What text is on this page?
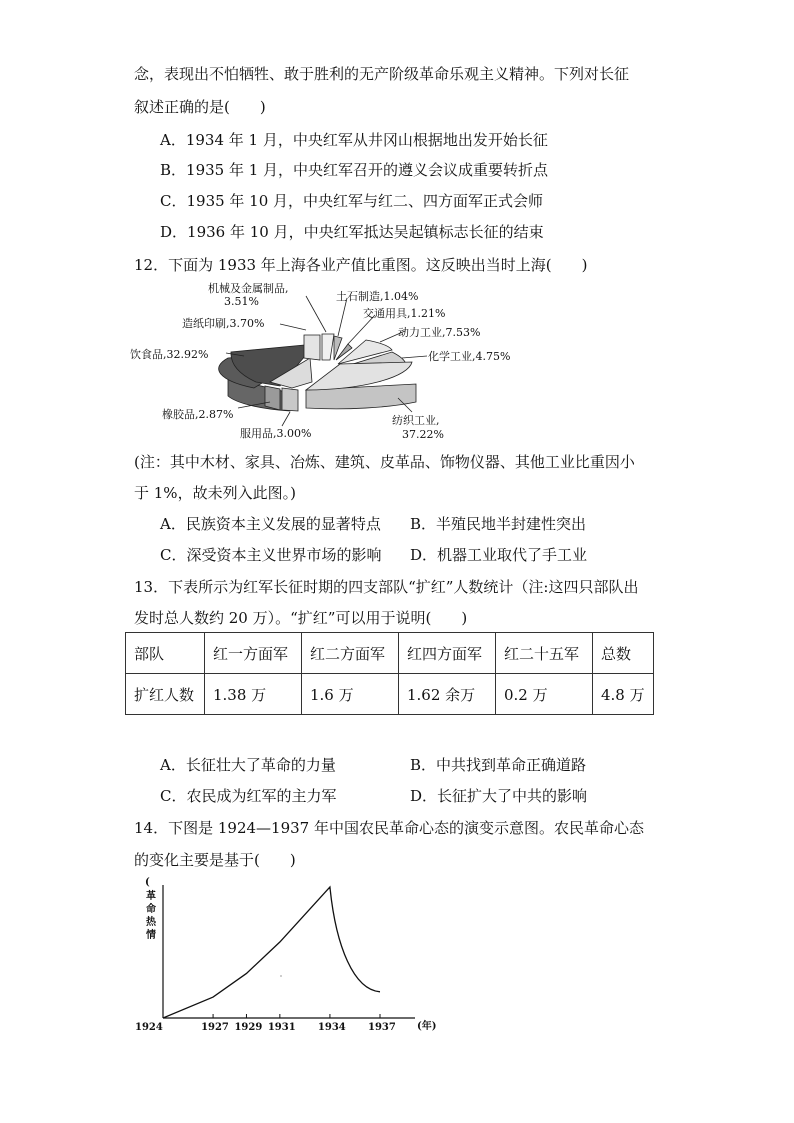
念，表现出不怕牺牲、敢于胜利的无产阶级革命乐观主义精神。下列对长征
叙述正确的是(　　)
A．1934 年 1 月，中央红军从井冈山根据地出发开始长征
B．1935 年 1 月，中央红军召开的遵义会议成重要转折点
C．1935 年 10 月，中央红军与红二、四方面军正式会师
D．1936 年 10 月，中央红军抵达吴起镇标志长征的结束
12．下面为 1933 年上海各业产值比重图。这反映出当时上海(　　)
机械及金属制品,
3.51%	土石制造,1.04%
交通用具,1.21%
造纸印刷,3.70%
动力工业,7.53%
饮食品,32.92%	化学工业,4.75%
橡胶品,2.87%	纺织工业,
37.22%
服用品,3.00%
(注：其中木材、家具、冶炼、建筑、皮革品、饰物仪器、其他工业比重因小
于 1%，故未列入此图。)
A．民族资本主义发展的显著特点 B．半殖民地半封建性突出
C．深受资本主义世界市场的影响 D．机器工业取代了手工业
13．下表所示为红军长征时期的四支部队“扩红”人数统计（注:这四只部队出
发时总人数约 20 万）。“扩红”可以用于说明(　　)
部队	红一方面军	红二方面军	红四方面军	红二十五军	总数
扩红人数	1.38 万	1.6 万	1.62 余万	0.2 万	4.8 万
A．长征壮大了革命的力量	B．中共找到革命正确道路
C．农民成为红军的主力军	D．长征扩大了中共的影响
14．下图是 1924—1937 年中国农民革命心态的演变示意图。农民革命心态
的变化主要是基于(　　)
(
革
命
热
情
1924	1927 1929 1931 1934 1937 (年)
